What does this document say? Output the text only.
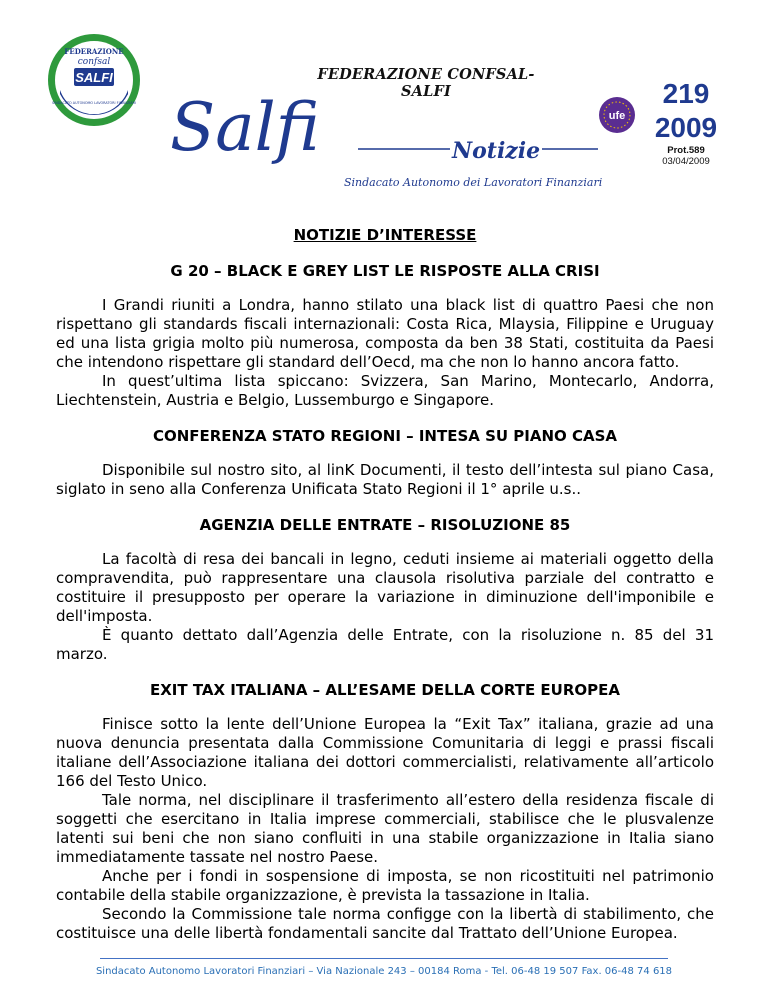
FEDERAZIONE
confsal
SALFI
SINDACATO AUTONOMO LAVORATORI FINANZIARI
FEDERAZIONE CONFSAL-SALFI
Salfi	Notizie
Sindacato Autonomo dei Lavoratori Finanziari
ufe
219
2009
Prot.589
03/04/2009
NOTIZIE D’INTERESSE
G 20 – BLACK E GREY LIST LE RISPOSTE ALLA CRISI

I Grandi riuniti a Londra, hanno stilato una black list di quattro Paesi che non rispettano gli standards fiscali internazionali: Costa Rica, Mlaysia, Filippine e Uruguay ed una lista grigia molto più numerosa, composta da ben 38 Stati, costituita da Paesi che intendono rispettare gli standard dell’Oecd, ma che non lo hanno ancora fatto.

In quest’ultima lista spiccano: Svizzera, San Marino, Montecarlo, Andorra, Liechtenstein, Austria e Belgio, Lussemburgo e Singapore.

CONFERENZA STATO REGIONI – INTESA SU PIANO CASA

Disponibile sul nostro sito, al linK Documenti, il testo dell’intesta sul piano Casa, siglato in seno alla Conferenza Unificata Stato Regioni il 1° aprile u.s..

AGENZIA DELLE ENTRATE – RISOLUZIONE 85

La facoltà di resa dei bancali in legno, ceduti insieme ai materiali oggetto della compravendita, può rappresentare una clausola risolutiva parziale del contratto e costituire il presupposto per operare la variazione in diminuzione dell'imponibile e dell'imposta.

È quanto dettato dall’Agenzia delle Entrate, con la risoluzione n. 85 del 31 marzo.

EXIT TAX ITALIANA – ALL’ESAME DELLA CORTE EUROPEA

Finisce sotto la lente dell’Unione Europea la “Exit Tax” italiana, grazie ad una nuova denuncia presentata dalla Commissione Comunitaria di leggi e prassi fiscali italiane dell’Associazione italiana dei dottori commercialisti, relativamente all’articolo 166 del Testo Unico.

Tale norma, nel disciplinare il trasferimento all’estero della residenza fiscale di soggetti che esercitano in Italia imprese commerciali, stabilisce che le plusvalenze latenti sui beni che non siano confluiti in una stabile organizzazione in Italia siano immediatamente tassate nel nostro Paese.

Anche per i fondi in sospensione di imposta, se non ricostituiti nel patrimonio contabile della stabile organizzazione, è prevista la tassazione in Italia.

Secondo la Commissione tale norma configge con la libertà di stabilimento, che costituisce una delle libertà fondamentali sancite dal Trattato dell’Unione Europea.

Sindacato Autonomo Lavoratori Finanziari – Via Nazionale 243 – 00184 Roma - Tel. 06-48 19 507 Fax. 06-48 74 618
